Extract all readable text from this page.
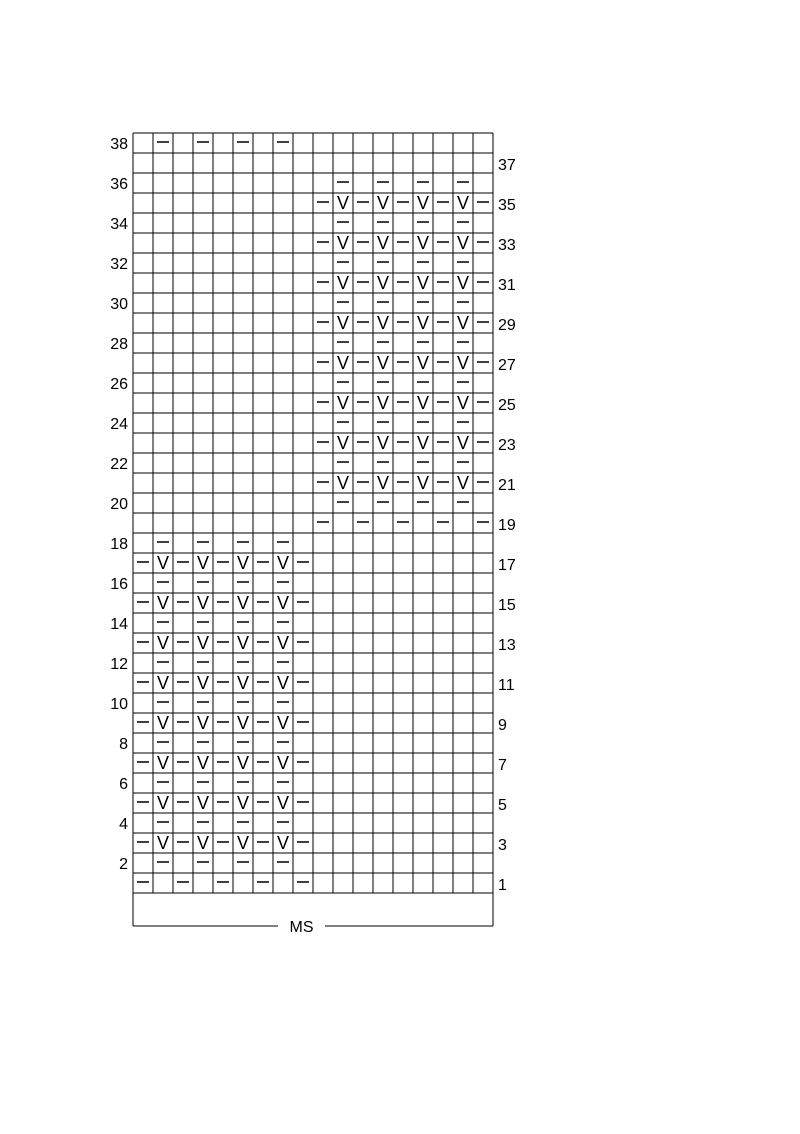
V V V V
V V V V
V V V V
V V V V
V V V V
V V V V
V V V V
V V V V
V V V V
V V V V
V V V V
V V V V
V V V V
V V V V
V V V V
V V V V
1
2
3
4
5
6
7
8
9
10
11
12
13
14
15
16
17
18
19
20
21
22
23
24
25
26
27
28
29
30
31
32
33
34
35
36
37
38
MS
